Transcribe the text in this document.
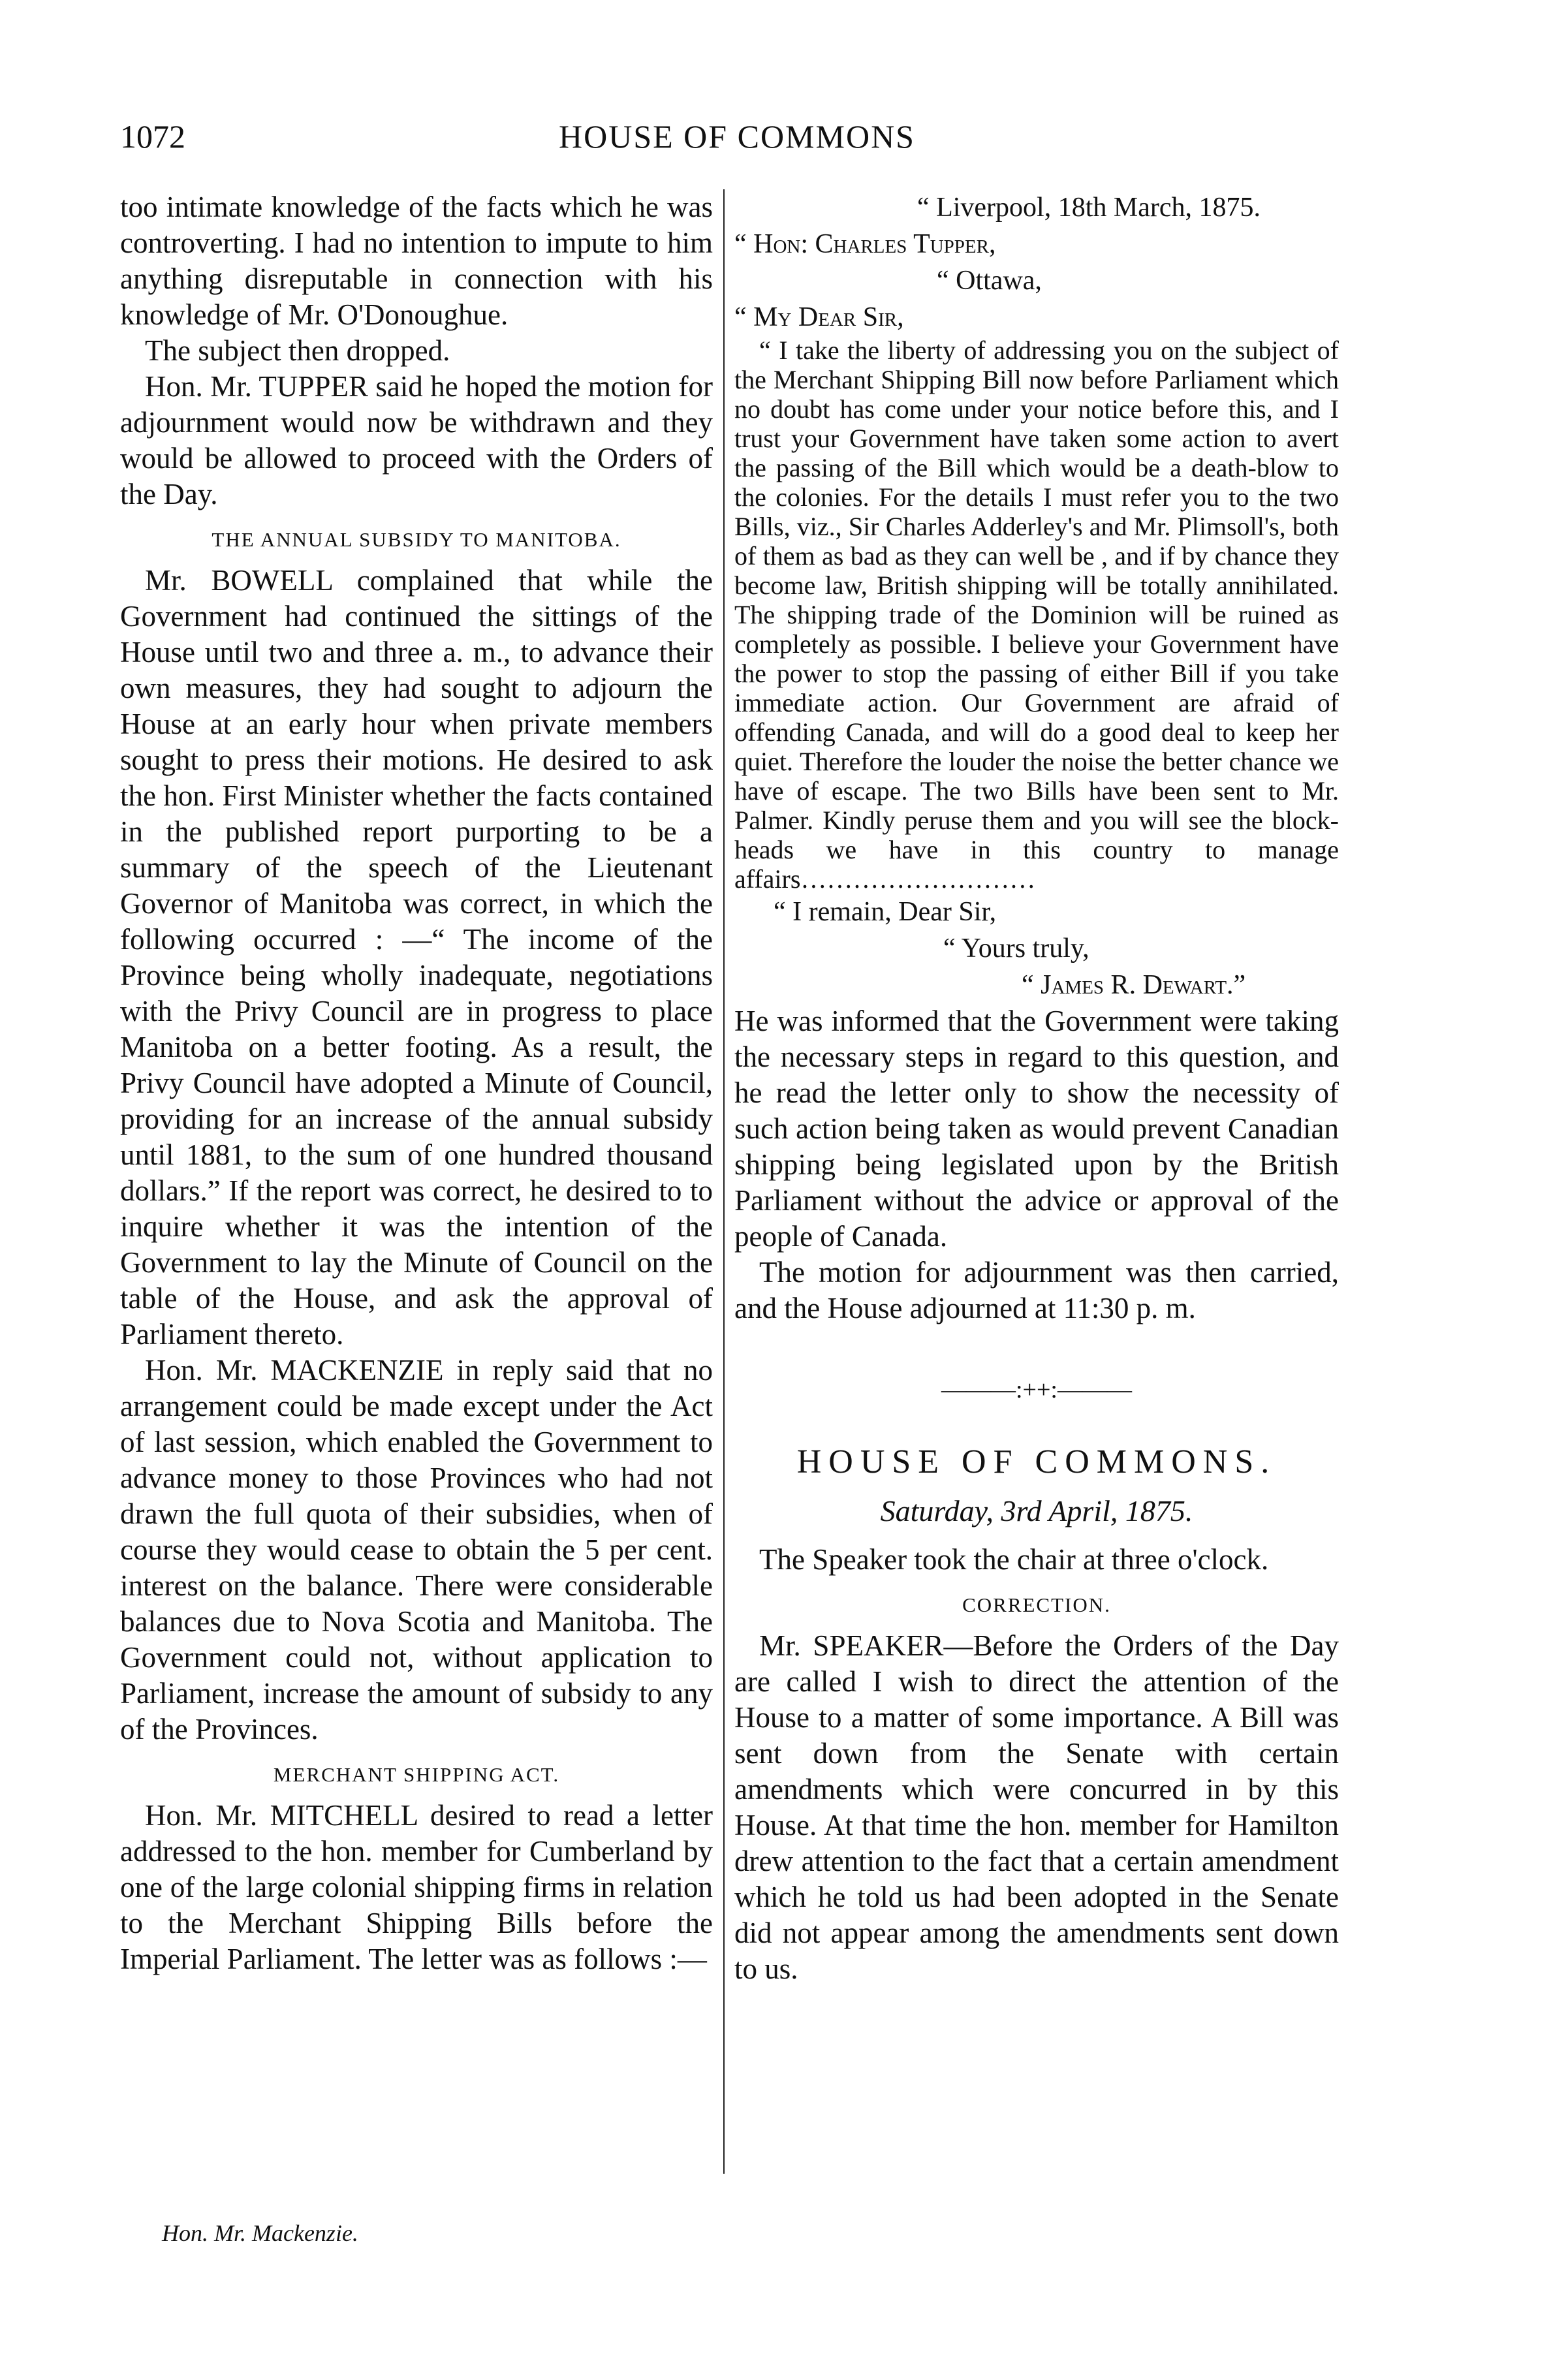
1072	HOUSE OF COMMONS

too intimate knowledge of the facts which he was controverting. I had no intention to impute to him anything disreputable in connection with his knowledge of Mr. O'Donoughue.

The subject then dropped.

Hon. Mr. TUPPER said he hoped the motion for adjournment would now be withdrawn and they would be allowed to proceed with the Orders of the Day.

THE ANNUAL SUBSIDY TO MANITOBA.

Mr. BOWELL complained that while the Government had continued the sittings of the House until two and three a. m., to advance their own measures, they had sought to adjourn the House at an early hour when private members sought to press their motions. He desired to ask the hon. First Minister whether the facts contained in the published report purporting to be a summary of the speech of the Lieutenant Governor of Manitoba was correct, in which the following occurred : —“ The income of the Province being wholly inadequate, negotiations with the Privy Council are in progress to place Manitoba on a better footing. As a result, the Privy Council have adopted a Minute of Council, providing for an increase of the annual subsidy until 1881, to the sum of one hundred thousand dollars.” If the report was correct, he desired to to inquire whether it was the intention of the Government to lay the Minute of Council on the table of the House, and ask the approval of Parliament thereto.

Hon. Mr. MACKENZIE in reply said that no arrangement could be made except under the Act of last session, which enabled the Government to advance money to those Provinces who had not drawn the full quota of their subsidies, when of course they would cease to obtain the 5 per cent. interest on the balance. There were considerable balances due to Nova Scotia and Manitoba. The Government could not, without application to Parliament, increase the amount of subsidy to any of the Provinces.

MERCHANT SHIPPING ACT.

Hon. Mr. MITCHELL desired to read a letter addressed to the hon. member for Cumberland by one of the large colonial shipping firms in relation to the Merchant Shipping Bills before the Imperial Parliament. The letter was as follows :—

“ Liverpool, 18th March, 1875.
“ Hon: Charles Tupper,
“ Ottawa,
“ My Dear Sir,

“ I take the liberty of addressing you on the subject of the Merchant Shipping Bill now before Parliament which no doubt has come under your notice before this, and I trust your Government have taken some action to avert the passing of the Bill which would be a death-blow to the colonies. For the details I must refer you to the two Bills, viz., Sir Charles Adderley's and Mr. Plimsoll's, both of them as bad as they can well be , and if by chance they become law, British shipping will be totally annihilated. The shipping trade of the Dominion will be ruined as completely as possible. I believe your Government have the power to stop the passing of either Bill if you take immediate action. Our Government are afraid of offending Canada, and will do a good deal to keep her quiet. Therefore the louder the noise the better chance we have of escape. The two Bills have been sent to Mr. Palmer. Kindly peruse them and you will see the block-heads we have in this country to manage affairs………………………

“ I remain, Dear Sir,
“ Yours truly,
“ James R. Dewart.”

He was informed that the Government were taking the necessary steps in regard to this question, and he read the letter only to show the necessity of such action being taken as would prevent Canadian shipping being legislated upon by the British Parliament without the advice or approval of the people of Canada.

The motion for adjournment was then carried, and the House adjourned at 11:30 p. m.

———:++:———
HOUSE OF COMMONS.
Saturday, 3rd April, 1875.

The Speaker took the chair at three o'clock.

CORRECTION.

Mr. SPEAKER—Before the Orders of the Day are called I wish to direct the attention of the House to a matter of some importance. A Bill was sent down from the Senate with certain amendments which were concurred in by this House. At that time the hon. member for Hamilton drew attention to the fact that a certain amendment which he told us had been adopted in the Senate did not appear among the amendments sent down to us.

Hon. Mr. Mackenzie.
